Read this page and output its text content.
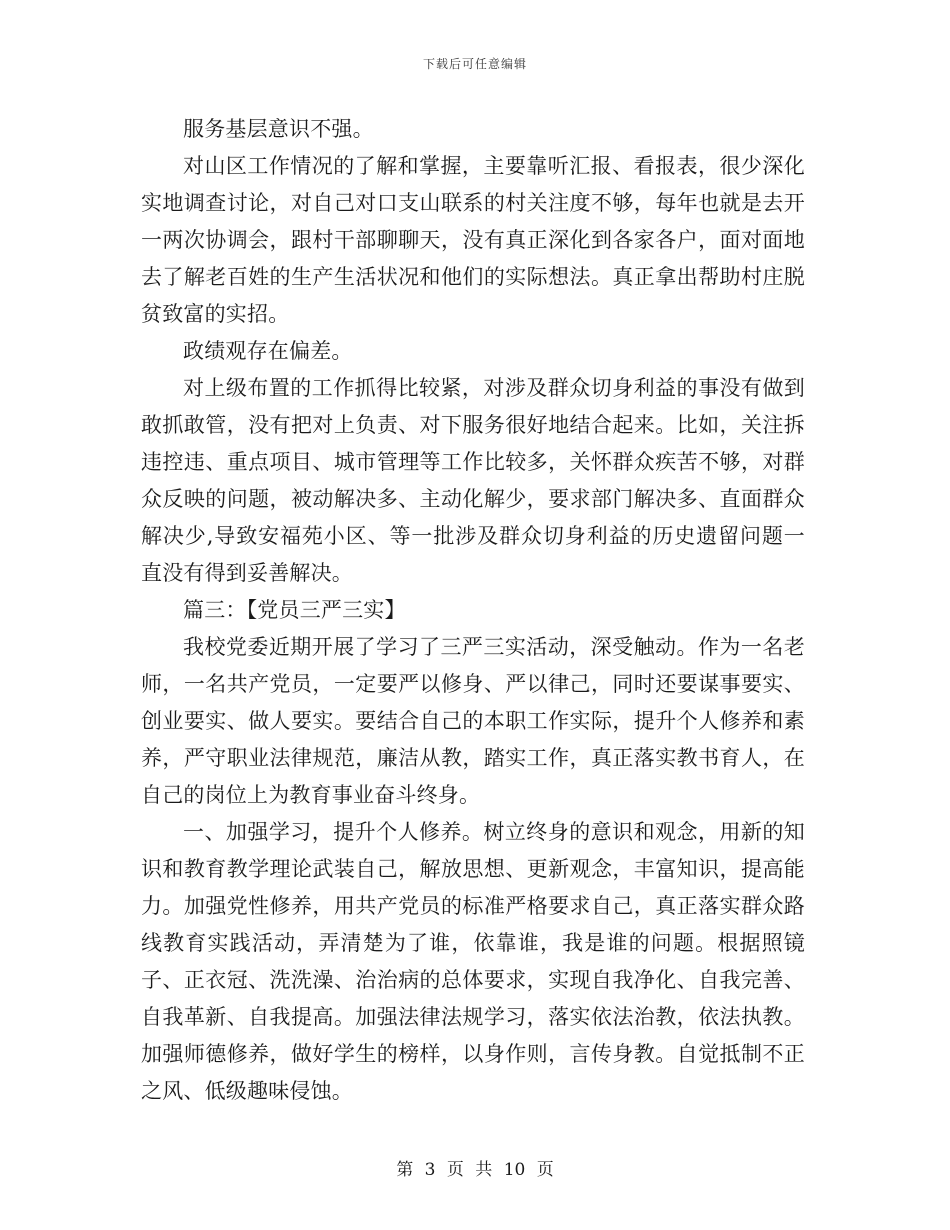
下载后可任意编辑

服务基层意识不强。

对山区工作情况的了解和掌握，主要靠听汇报、看报表，很少深化实地调查讨论，对自己对口支山联系的村关注度不够，每年也就是去开一两次协调会，跟村干部聊聊天，没有真正深化到各家各户，面对面地去了解老百姓的生产生活状况和他们的实际想法。真正拿出帮助村庄脱贫致富的实招。

政绩观存在偏差。

对上级布置的工作抓得比较紧，对涉及群众切身利益的事没有做到敢抓敢管，没有把对上负责、对下服务很好地结合起来。比如，关注拆违控违、重点项目、城市管理等工作比较多，关怀群众疾苦不够，对群众反映的问题，被动解决多、主动化解少，要求部门解决多、直面群众解决少,导致安福苑小区、等一批涉及群众切身利益的历史遗留问题一直没有得到妥善解决。

篇三：【党员三严三实】

我校党委近期开展了学习了三严三实活动，深受触动。作为一名老师，一名共产党员，一定要严以修身、严以律己，同时还要谋事要实、创业要实、做人要实。要结合自己的本职工作实际，提升个人修养和素养，严守职业法律规范，廉洁从教，踏实工作，真正落实教书育人，在自己的岗位上为教育事业奋斗终身。

一、加强学习，提升个人修养。树立终身的意识和观念，用新的知识和教育教学理论武装自己，解放思想、更新观念，丰富知识，提高能力。加强党性修养，用共产党员的标准严格要求自己，真正落实群众路线教育实践活动，弄清楚为了谁，依靠谁，我是谁的问题。根据照镜子、正衣冠、洗洗澡、治治病的总体要求，实现自我净化、自我完善、自我革新、自我提高。加强法律法规学习，落实依法治教，依法执教。加强师德修养，做好学生的榜样，以身作则，言传身教。自觉抵制不正之风、低级趣味侵蚀。

第 3 页 共 10 页
